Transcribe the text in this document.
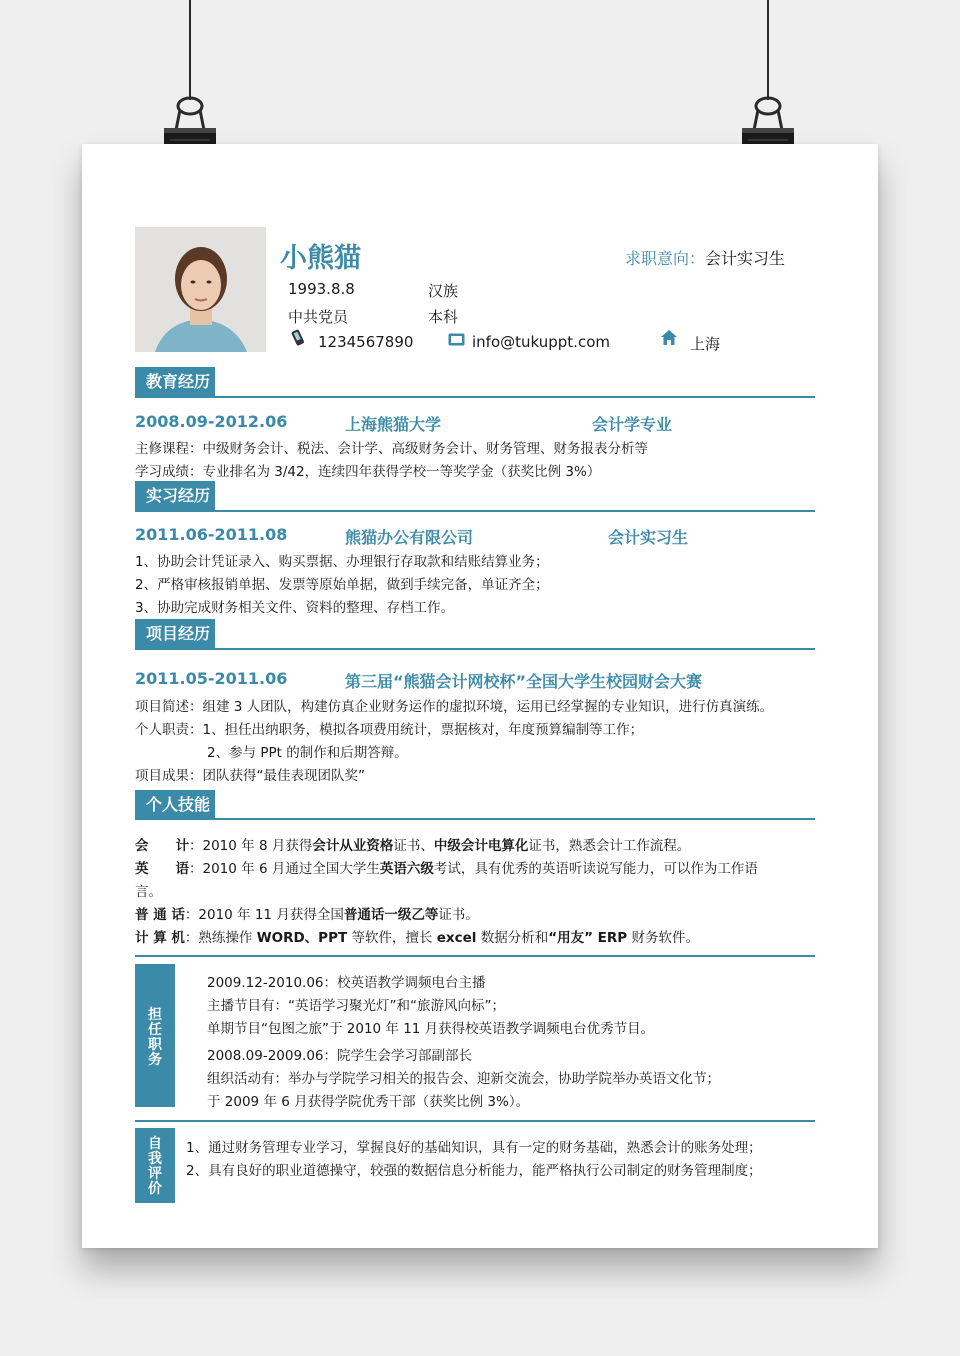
小熊猫	求职意向：会计实习生
1993.8.8	汉族
中共党员	本科
1234567890	info@tukuppt.com	上海
教育经历
2008.09-2012.06	上海熊猫大学	会计学专业
主修课程：中级财务会计、税法、会计学、高级财务会计、财务管理、财务报表分析等
学习成绩：专业排名为 3/42，连续四年获得学校一等奖学金（获奖比例 3%）
实习经历
2011.06-2011.08	熊猫办公有限公司	会计实习生
1、协助会计凭证录入、购买票据、办理银行存取款和结账结算业务；
2、严格审核报销单据、发票等原始单据，做到手续完备，单证齐全；
3、协助完成财务相关文件、资料的整理、存档工作。
项目经历
2011.05-2011.06	第三届“熊猫会计网校杯”全国大学生校园财会大赛
项目简述：组建 3 人团队，构建仿真企业财务运作的虚拟环境，运用已经掌握的专业知识，进行仿真演练。
个人职责：1、担任出纳职务，模拟各项费用统计，票据核对，年度预算编制等工作；
2、参与 PPt 的制作和后期答辩。
项目成果：团队获得“最佳表现团队奖”
个人技能
会　　计：2010 年 8 月获得会计从业资格证书、中级会计电算化证书，熟悉会计工作流程。
英　　语：2010 年 6 月通过全国大学生英语六级考试，具有优秀的英语听读说写能力，可以作为工作语
言。
普 通 话：2010 年 11 月获得全国普通话一级乙等证书。
计 算 机：熟练操作 WORD、PPT 等软件，擅长 excel 数据分析和“用友” ERP 财务软件。
担任职务
2009.12-2010.06：校英语教学调频电台主播
主播节目有：“英语学习聚光灯”和“旅游风向标”；
单期节目“包图之旅”于 2010 年 11 月获得校英语教学调频电台优秀节目。
2008.09-2009.06：院学生会学习部副部长
组织活动有：举办与学院学习相关的报告会、迎新交流会，协助学院举办英语文化节；
于 2009 年 6 月获得学院优秀干部（获奖比例 3%）。
自我评价
1、通过财务管理专业学习，掌握良好的基础知识，具有一定的财务基础，熟悉会计的账务处理；
2、具有良好的职业道德操守，较强的数据信息分析能力，能严格执行公司制定的财务管理制度；
